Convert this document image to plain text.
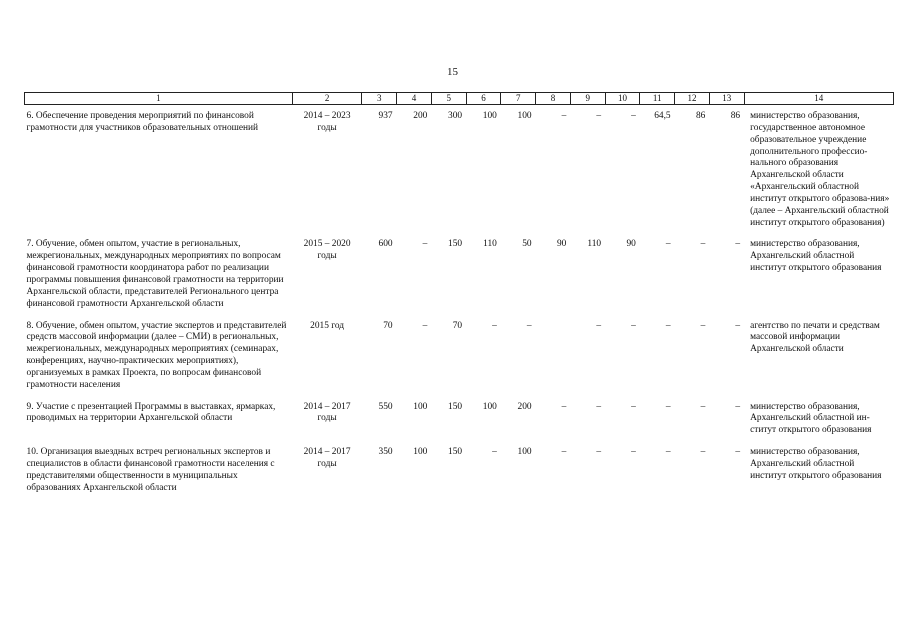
15
1	2	3	4	5	6	7	8	9	10	11	12	13	14
6. Обеспечение проведения мероприятий по финансовой грамотности для участников образовательных отношений	2014 – 2023 годы	937	200	300	100	100	–	–	–	64,5	86	86	министерство образования, государственное автономное образовательное учреждение дополнительного профессио-нального образования Архангельской области «Архангельский областной институт открытого образова-ния» (далее – Архангельский областной институт открытого образования)
7. Обучение, обмен опытом, участие в региональных, межрегиональных, международных мероприятиях по вопросам финансовой грамотности координатора работ по реализации программы повышения финансовой грамотности на территории Архангельской области, представителей Регионального центра финансовой грамотности Архангельской области	2015 – 2020 годы	600	–	150	110	50	90	110	90	–	–	–	министерство образования, Архангельский областной институт открытого образования
8. Обучение, обмен опытом, участие экспертов и представителей средств массовой информации (далее – СМИ) в региональных, межрегиональных, международных мероприятиях (семинарах, конференциях, научно-практических мероприятиях), организуемых в рамках Проекта, по вопросам финансовой грамотности населения	2015 год	70	–	70	–	–		–	–	–	–	–	агентство по печати и средствам массовой информации Архангельской области
9. Участие с презентацией Программы в выставках, ярмарках, проводимых на территории Архангельской области	2014 – 2017 годы	550	100	150	100	200	–	–	–	–	–	–	министерство образования, Архангельский областной ин-ститут открытого образования
10. Организация выездных встреч региональных экспертов и специалистов в области финансовой грамотности населения с представителями общественности в муниципальных образованиях Архангельской области	2014 – 2017 годы	350	100	150	–	100	–	–	–	–	–	–	министерство образования, Архангельский областной институт открытого образования
